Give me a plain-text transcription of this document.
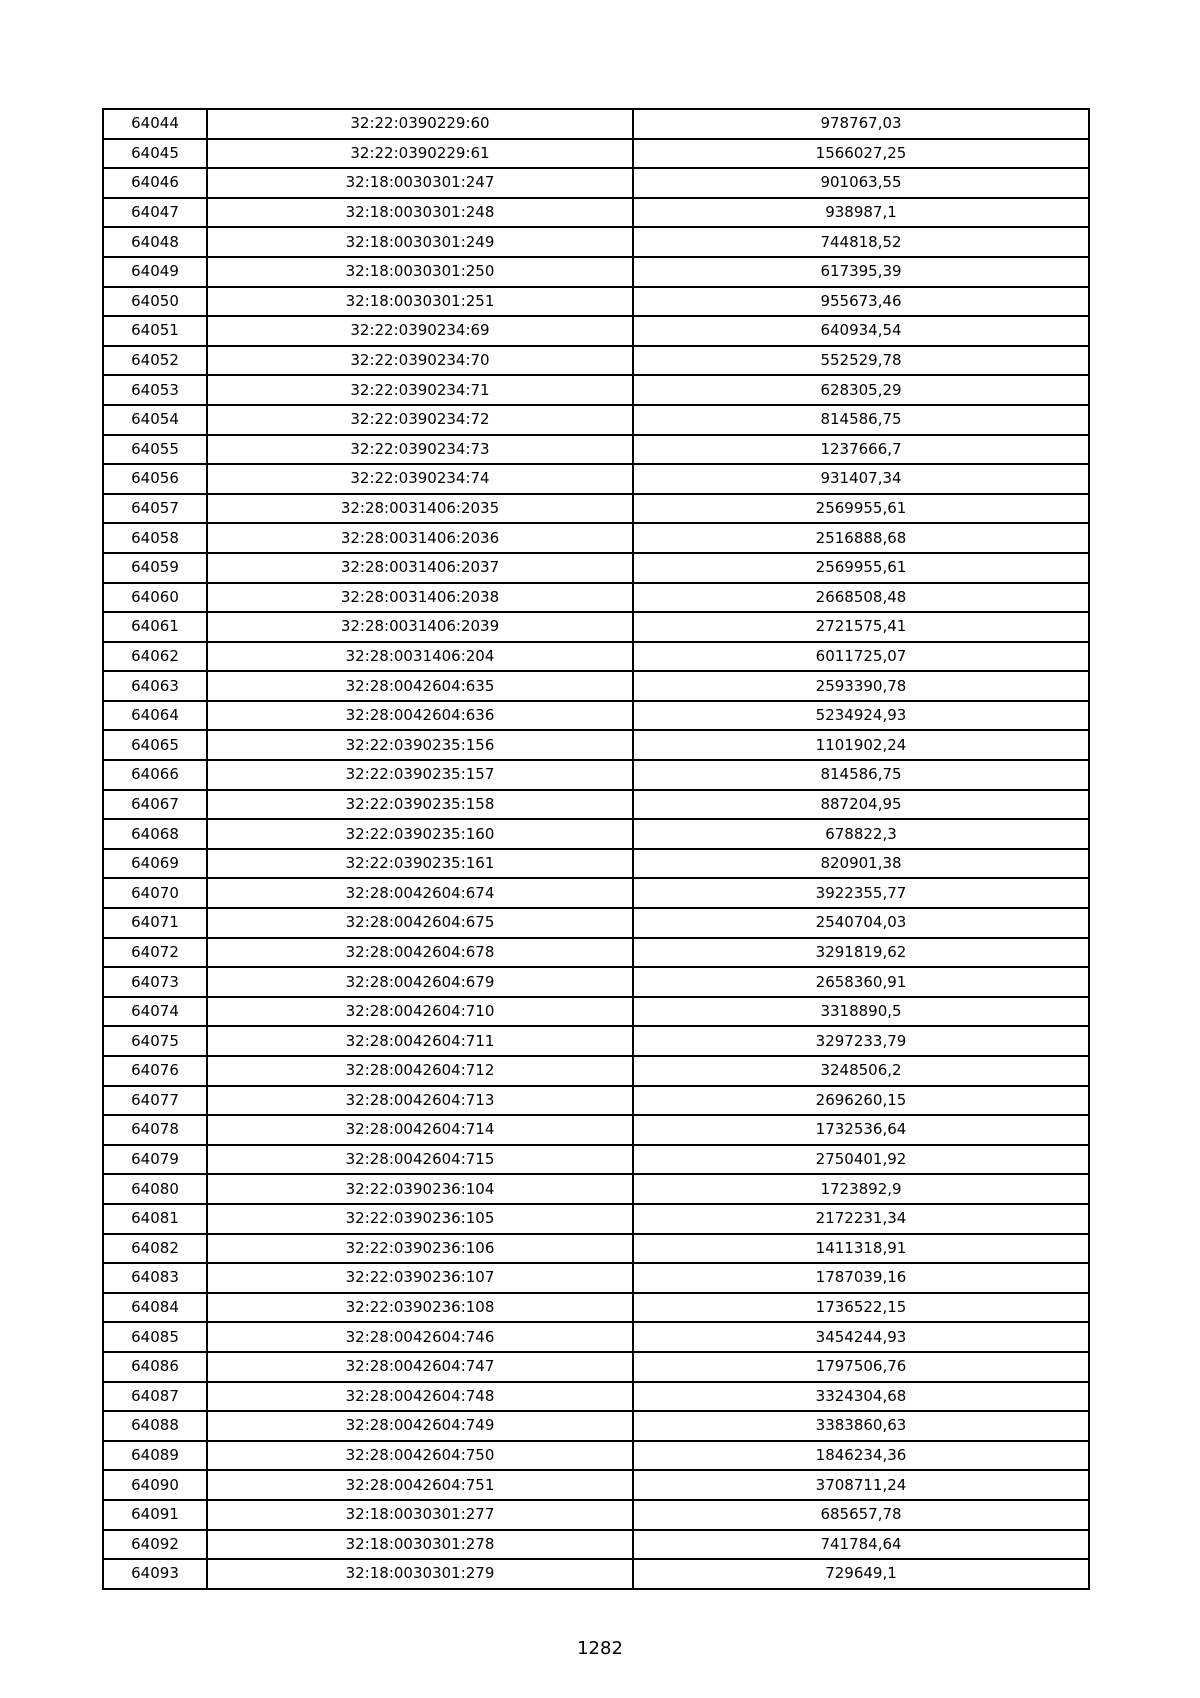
64044	32:22:0390229:60	978767,03
64045	32:22:0390229:61	1566027,25
64046	32:18:0030301:247	901063,55
64047	32:18:0030301:248	938987,1
64048	32:18:0030301:249	744818,52
64049	32:18:0030301:250	617395,39
64050	32:18:0030301:251	955673,46
64051	32:22:0390234:69	640934,54
64052	32:22:0390234:70	552529,78
64053	32:22:0390234:71	628305,29
64054	32:22:0390234:72	814586,75
64055	32:22:0390234:73	1237666,7
64056	32:22:0390234:74	931407,34
64057	32:28:0031406:2035	2569955,61
64058	32:28:0031406:2036	2516888,68
64059	32:28:0031406:2037	2569955,61
64060	32:28:0031406:2038	2668508,48
64061	32:28:0031406:2039	2721575,41
64062	32:28:0031406:204	6011725,07
64063	32:28:0042604:635	2593390,78
64064	32:28:0042604:636	5234924,93
64065	32:22:0390235:156	1101902,24
64066	32:22:0390235:157	814586,75
64067	32:22:0390235:158	887204,95
64068	32:22:0390235:160	678822,3
64069	32:22:0390235:161	820901,38
64070	32:28:0042604:674	3922355,77
64071	32:28:0042604:675	2540704,03
64072	32:28:0042604:678	3291819,62
64073	32:28:0042604:679	2658360,91
64074	32:28:0042604:710	3318890,5
64075	32:28:0042604:711	3297233,79
64076	32:28:0042604:712	3248506,2
64077	32:28:0042604:713	2696260,15
64078	32:28:0042604:714	1732536,64
64079	32:28:0042604:715	2750401,92
64080	32:22:0390236:104	1723892,9
64081	32:22:0390236:105	2172231,34
64082	32:22:0390236:106	1411318,91
64083	32:22:0390236:107	1787039,16
64084	32:22:0390236:108	1736522,15
64085	32:28:0042604:746	3454244,93
64086	32:28:0042604:747	1797506,76
64087	32:28:0042604:748	3324304,68
64088	32:28:0042604:749	3383860,63
64089	32:28:0042604:750	1846234,36
64090	32:28:0042604:751	3708711,24
64091	32:18:0030301:277	685657,78
64092	32:18:0030301:278	741784,64
64093	32:18:0030301:279	729649,1
1282
